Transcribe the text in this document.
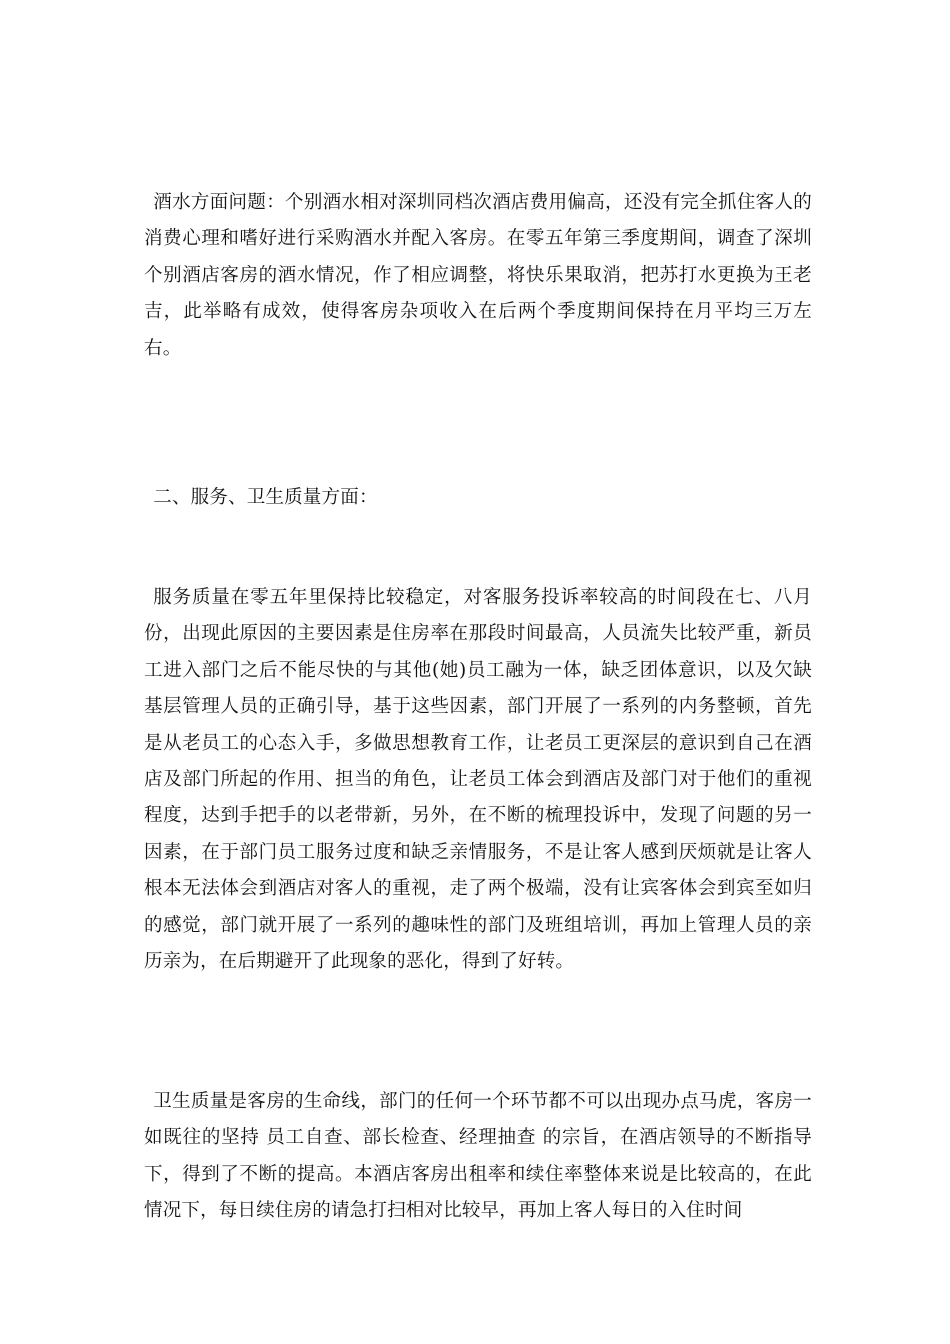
酒水方面问题：个别酒水相对深圳同档次酒店费用偏高，还没有完全抓住客人的消费心理和嗜好进行采购酒水并配入客房。在零五年第三季度期间，调查了深圳个别酒店客房的酒水情况，作了相应调整，将快乐果取消，把苏打水更换为王老吉，此举略有成效，使得客房杂项收入在后两个季度期间保持在月平均三万左右。

二、服务、卫生质量方面：

服务质量在零五年里保持比较稳定，对客服务投诉率较高的时间段在七、八月份，出现此原因的主要因素是住房率在那段时间最高，人员流失比较严重，新员工进入部门之后不能尽快的与其他(她)员工融为一体，缺乏团体意识，以及欠缺基层管理人员的正确引导，基于这些因素，部门开展了一系列的内务整顿，首先是从老员工的心态入手，多做思想教育工作，让老员工更深层的意识到自己在酒店及部门所起的作用、担当的角色，让老员工体会到酒店及部门对于他们的重视程度，达到手把手的以老带新，另外，在不断的梳理投诉中，发现了问题的另一因素，在于部门员工服务过度和缺乏亲情服务，不是让客人感到厌烦就是让客人根本无法体会到酒店对客人的重视，走了两个极端，没有让宾客体会到宾至如归的感觉，部门就开展了一系列的趣味性的部门及班组培训，再加上管理人员的亲历亲为，在后期避开了此现象的恶化，得到了好转。

卫生质量是客房的生命线，部门的任何一个环节都不可以出现办点马虎，客房一如既往的坚持 员工自查、部长检查、经理抽查 的宗旨，在酒店领导的不断指导下，得到了不断的提高。本酒店客房出租率和续住率整体来说是比较高的，在此情况下，每日续住房的请急打扫相对比较早，再加上客人每日的入住时间
